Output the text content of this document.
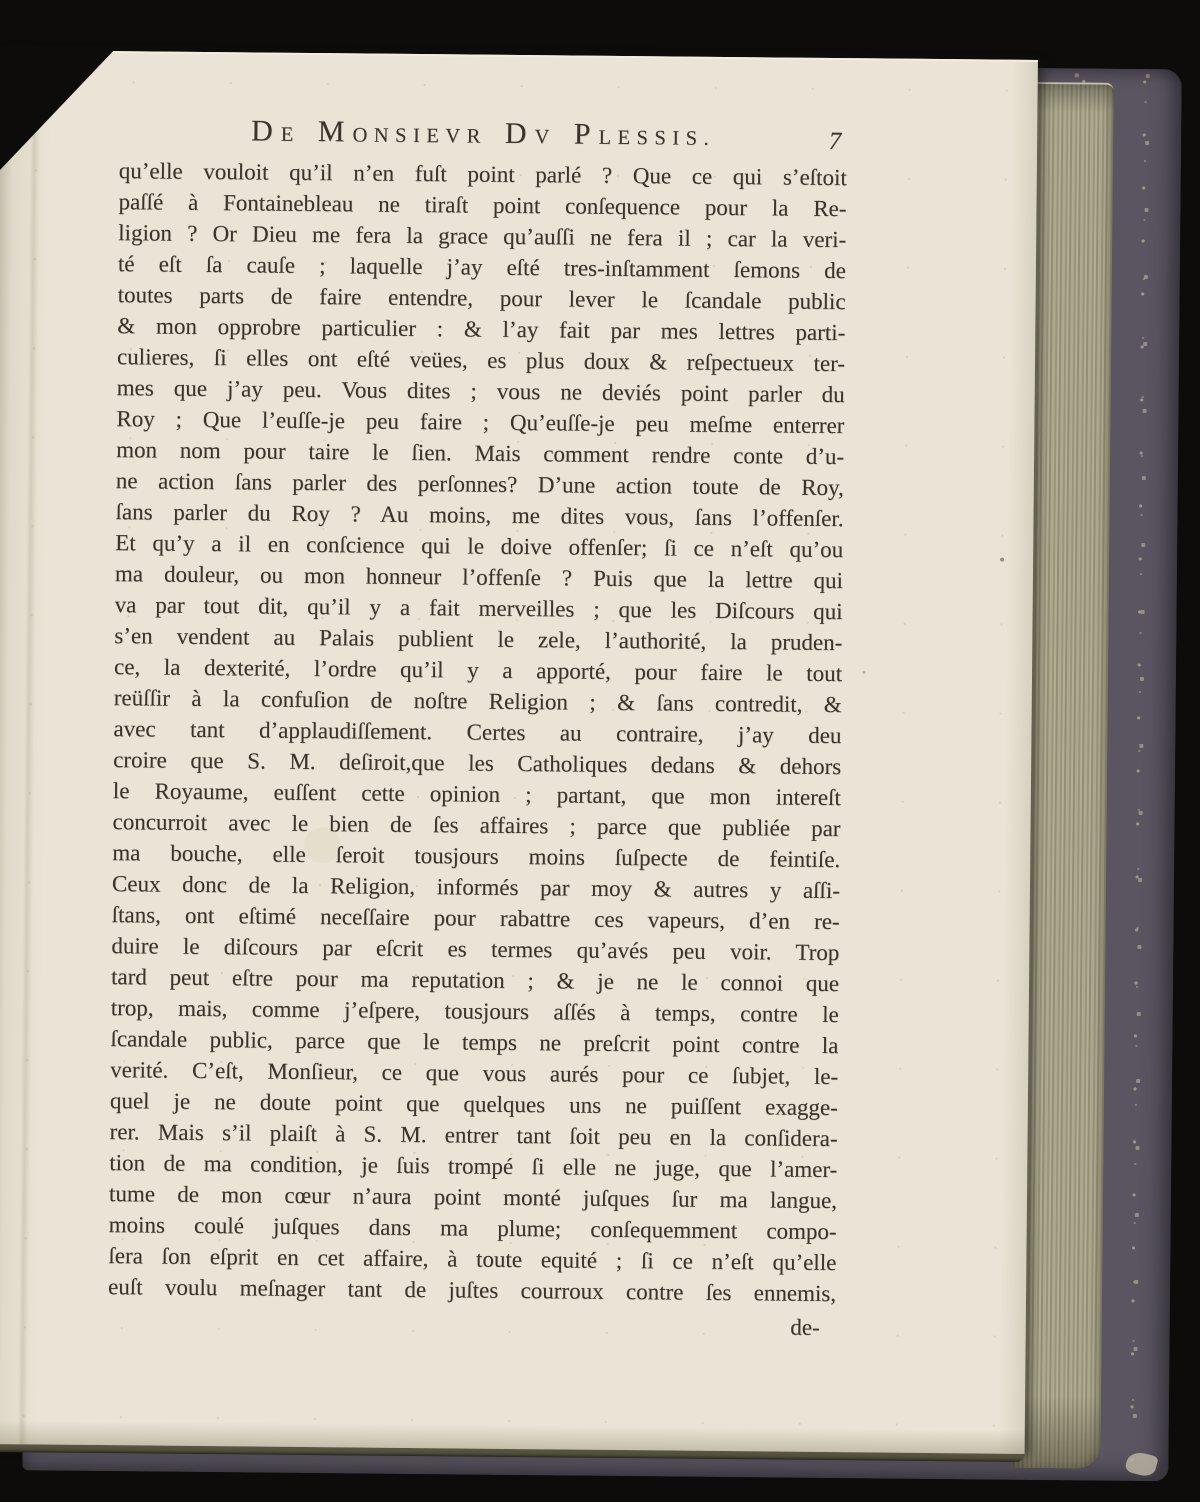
DE MONSIEVR DV PLESSIS.	7
qu’elle vouloit qu’il n’en fuſt point parlé ? Que ce qui s’eſtoit
paſſé à Fontainebleau ne tiraſt point conſequence pour la Re-
ligion ? Or Dieu me fera la grace qu’auſſi ne fera il ; car la veri-
té eſt ſa cauſe ; laquelle j’ay eſté tres-inſtamment ſemons de
toutes parts de faire entendre, pour lever le ſcandale public
& mon opprobre particulier : & l’ay fait par mes lettres parti-
culieres, ſi elles ont eſté veües, es plus doux & reſpectueux ter-
mes que j’ay peu. Vous dites ; vous ne deviés point parler du
Roy ; Que l’euſſe-je peu faire ; Qu’euſſe-je peu meſme enterrer
mon nom pour taire le ſien. Mais comment rendre conte d’u-
ne action ſans parler des perſonnes? D’une action toute de Roy,
ſans parler du Roy ? Au moins, me dites vous, ſans l’offenſer.
Et qu’y a il en conſcience qui le doive offenſer; ſi ce n’eſt qu’ou
ma douleur, ou mon honneur l’offenſe ? Puis que la lettre qui
va par tout dit, qu’il y a fait merveilles ; que les Diſcours qui
s’en vendent au Palais publient le zele, l’authorité, la pruden-
ce, la dexterité, l’ordre qu’il y a apporté, pour faire le tout
reüſſir à la confuſion de noſtre Religion ; & ſans contredit, &
avec tant d’applaudiſſement. Certes au contraire, j’ay deu
croire que S. M. deſiroit,que les Catholiques dedans & dehors
le Royaume, euſſent cette opinion ; partant, que mon intereſt
concurroit avec le bien de ſes affaires ; parce que publiée par
ma bouche, elle ſeroit tousjours moins ſuſpecte de feintiſe.
Ceux donc de la Religion, informés par moy & autres y aſſi-
ſtans, ont eſtimé neceſſaire pour rabattre ces vapeurs, d’en re-
duire le diſcours par eſcrit es termes qu’avés peu voir. Trop
tard peut eſtre pour ma reputation ; & je ne le connoi que
trop, mais, comme j’eſpere, tousjours aſſés à temps, contre le
ſcandale public, parce que le temps ne preſcrit point contre la
verité. C’eſt, Monſieur, ce que vous aurés pour ce ſubjet, le-
quel je ne doute point que quelques uns ne puiſſent exagge-
rer. Mais s’il plaiſt à S. M. entrer tant ſoit peu en la conſidera-
tion de ma condition, je ſuis trompé ſi elle ne juge, que l’amer-
tume de mon cœur n’aura point monté juſques ſur ma langue,
moins coulé juſques dans ma plume; conſequemment compo-
ſera ſon eſprit en cet affaire, à toute equité ; ſi ce n’eſt qu’elle
euſt voulu meſnager tant de juſtes courroux contre ſes ennemis,
de-
